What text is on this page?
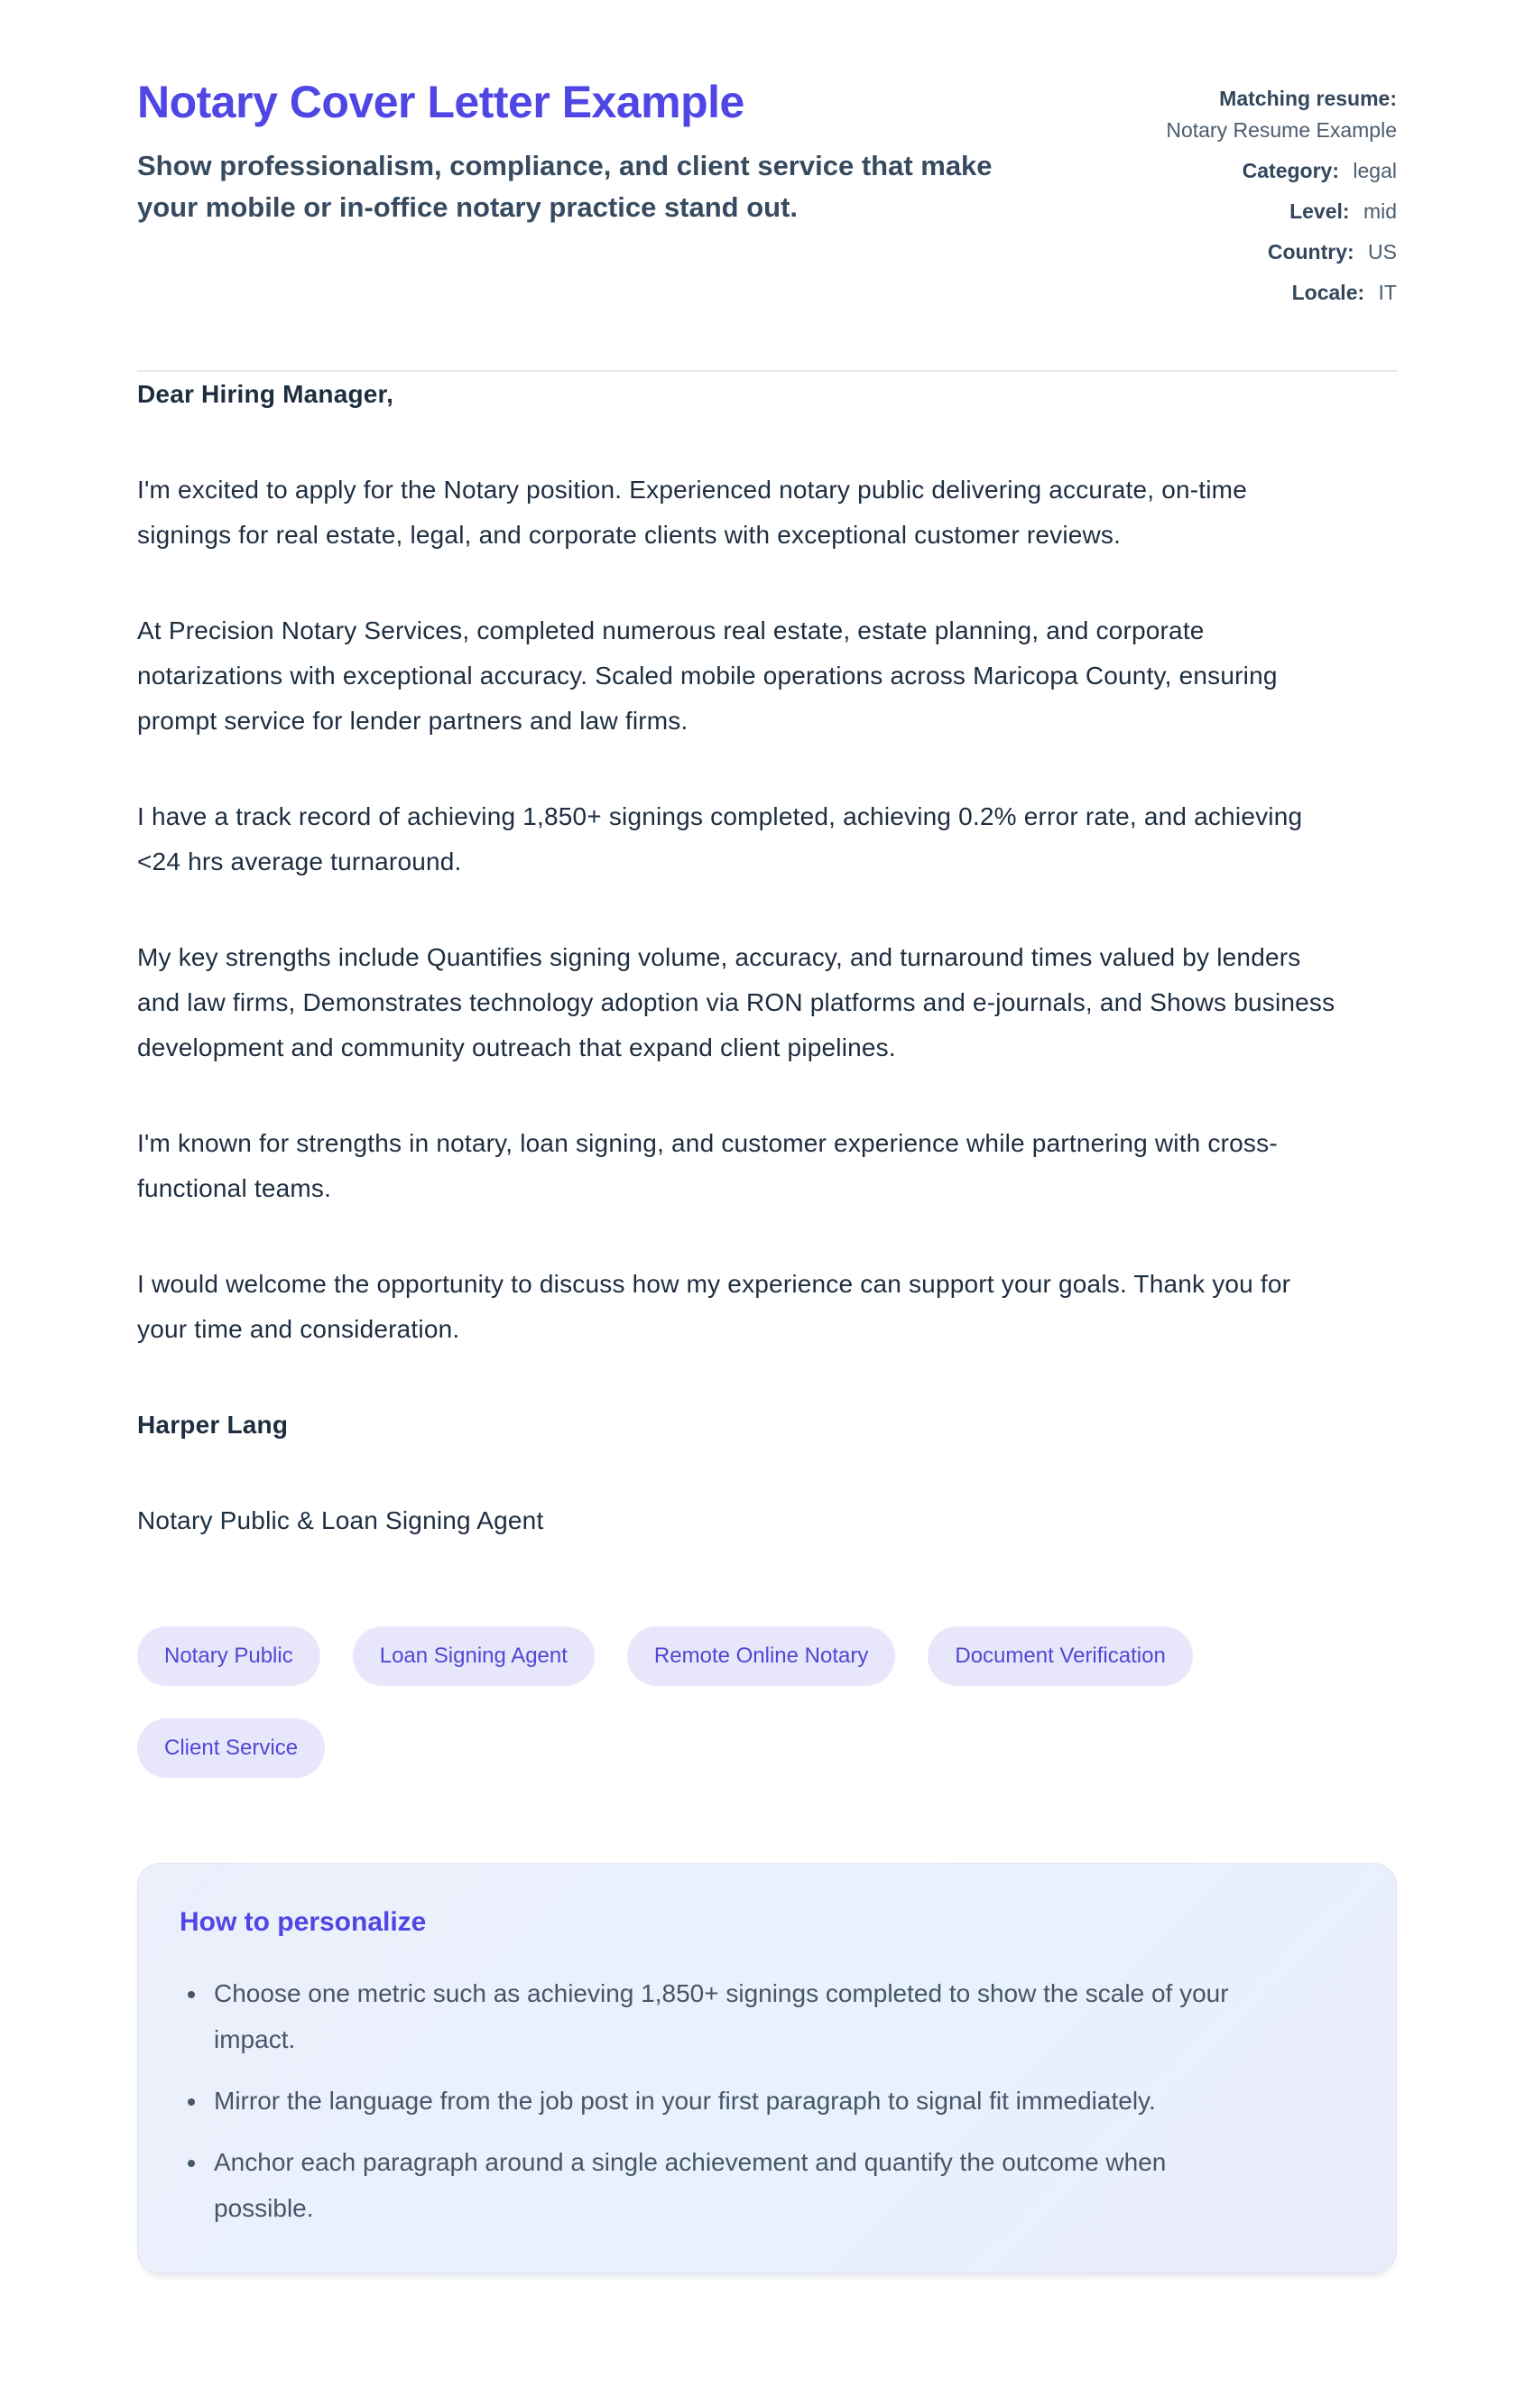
Notary Cover Letter Example

Show professionalism, compliance, and client service that make your mobile or in-office notary practice stand out.

Matching resume:
Notary Resume Example
Category: legal
Level: mid
Country: US
Locale: IT

Dear Hiring Manager,

I'm excited to apply for the Notary position. Experienced notary public delivering accurate, on-time signings for real estate, legal, and corporate clients with exceptional customer reviews.

At Precision Notary Services, completed numerous real estate, estate planning, and corporate notarizations with exceptional accuracy. Scaled mobile operations across Maricopa County, ensuring prompt service for lender partners and law firms.

I have a track record of achieving 1,850+ signings completed, achieving 0.2% error rate, and achieving <24 hrs average turnaround.

My key strengths include Quantifies signing volume, accuracy, and turnaround times valued by lenders and law firms, Demonstrates technology adoption via RON platforms and e-journals, and Shows business development and community outreach that expand client pipelines.

I'm known for strengths in notary, loan signing, and customer experience while partnering with cross-functional teams.

I would welcome the opportunity to discuss how my experience can support your goals. Thank you for your time and consideration.

Harper Lang

Notary Public & Loan Signing Agent

Notary Public	Loan Signing Agent	Remote Online Notary	Document Verification
Client Service
How to personalize
• Choose one metric such as achieving 1,850+ signings completed to show the scale of your impact.
• Mirror the language from the job post in your first paragraph to signal fit immediately.
• Anchor each paragraph around a single achievement and quantify the outcome when possible.
